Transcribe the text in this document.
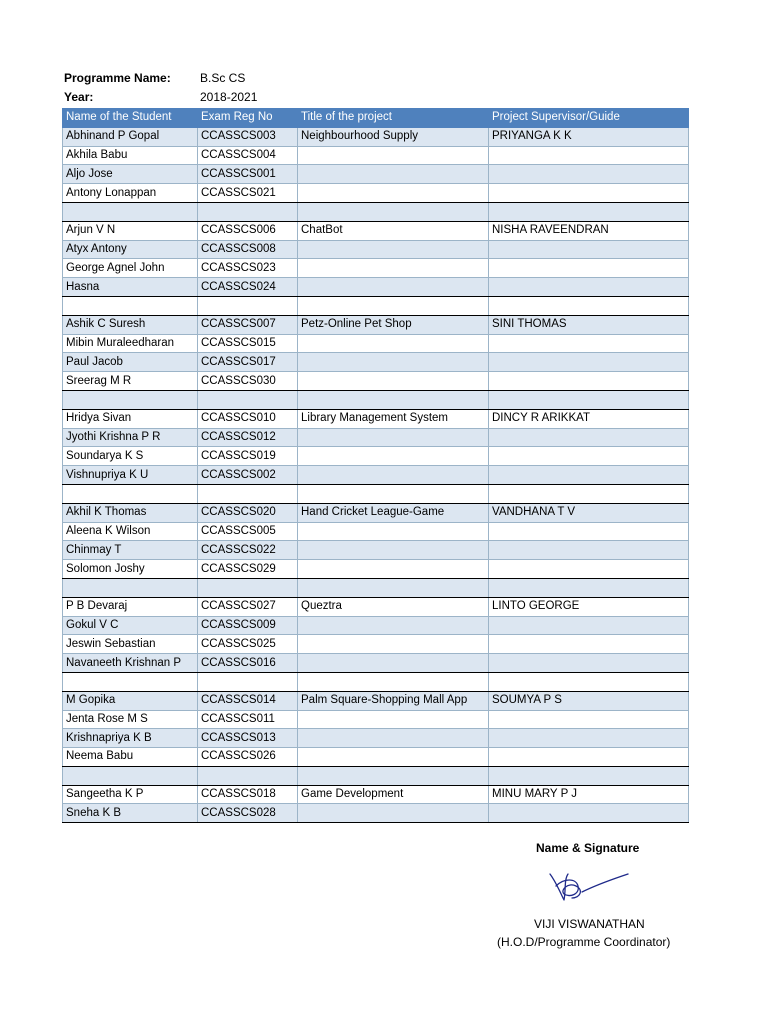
Programme Name: B.Sc CS
Year:	2018-2021
Name of the Student	Exam Reg No	Title of the project	Project Supervisor/Guide
Abhinand P Gopal	CCASSCS003	Neighbourhood Supply	PRIYANGA K K
Akhila Babu	CCASSCS004		
Aljo Jose	CCASSCS001		
Antony Lonappan	CCASSCS021		

Arjun V N	CCASSCS006	ChatBot	NISHA RAVEENDRAN
Atyx Antony	CCASSCS008		
George Agnel John	CCASSCS023		
Hasna	CCASSCS024		

Ashik C Suresh	CCASSCS007	Petz-Online Pet Shop	SINI THOMAS
Mibin Muraleedharan	CCASSCS015		
Paul Jacob	CCASSCS017		
Sreerag M R	CCASSCS030		

Hridya Sivan	CCASSCS010	Library Management System	DINCY R ARIKKAT
Jyothi Krishna P R	CCASSCS012		
Soundarya K S	CCASSCS019		
Vishnupriya K U	CCASSCS002		

Akhil K Thomas	CCASSCS020	Hand Cricket League-Game	VANDHANA T V
Aleena K Wilson	CCASSCS005		
Chinmay T	CCASSCS022		
Solomon Joshy	CCASSCS029		

P B Devaraj	CCASSCS027	Queztra	LINTO GEORGE
Gokul V C	CCASSCS009		
Jeswin Sebastian	CCASSCS025		
Navaneeth Krishnan P	CCASSCS016		

M Gopika	CCASSCS014	Palm Square-Shopping Mall App	SOUMYA P S
Jenta Rose M S	CCASSCS011		
Krishnapriya K B	CCASSCS013		
Neema Babu	CCASSCS026		

Sangeetha K P	CCASSCS018	Game Development	MINU MARY P J
Sneha K B	CCASSCS028		
Name & Signature
VIJI VISWANATHAN
(H.O.D/Programme Coordinator)
